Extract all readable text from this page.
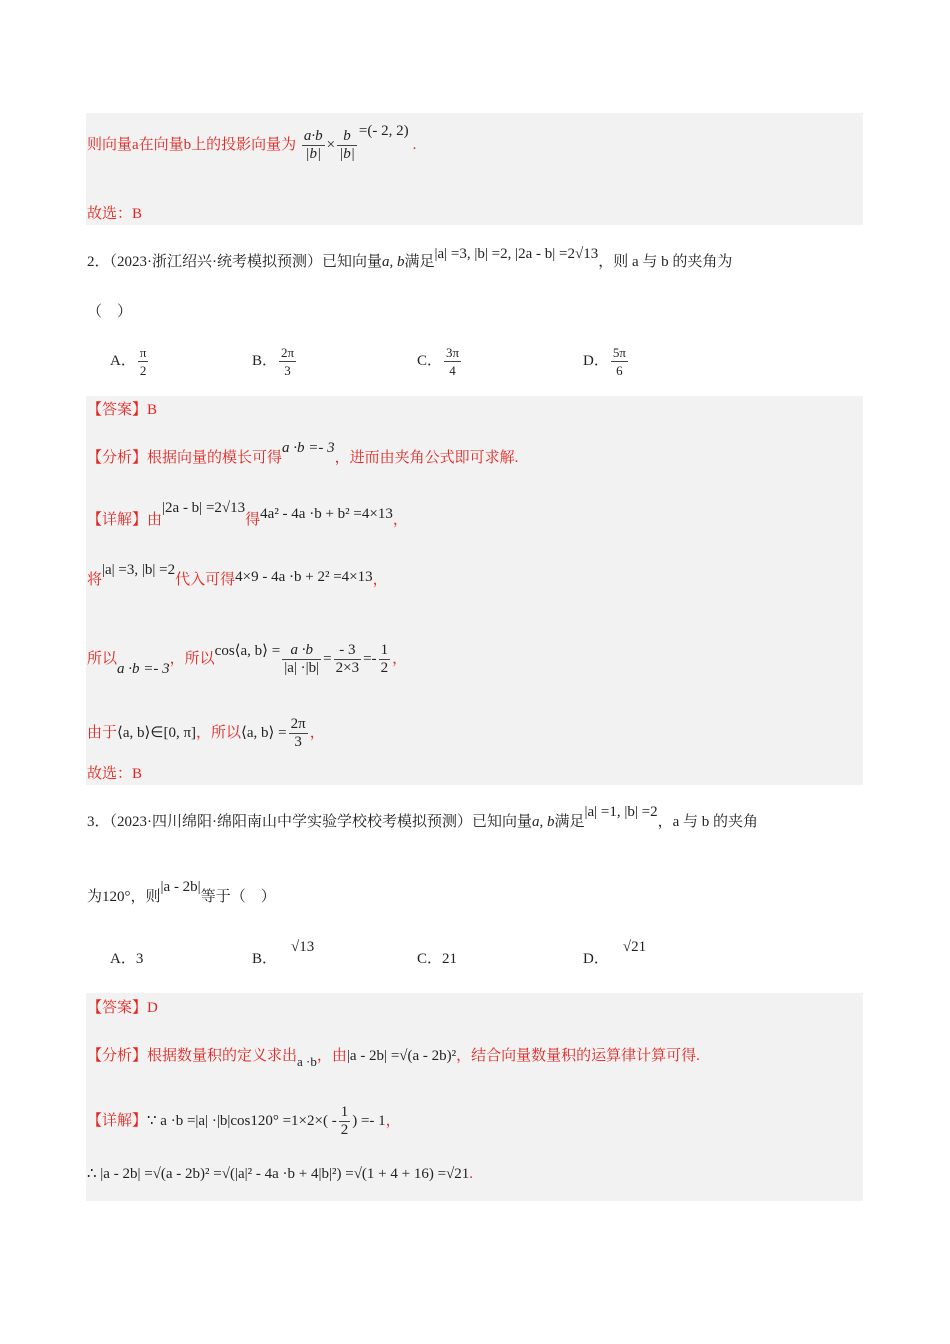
则向量a在向量b上的投影向量为 $\frac{a\cdot b}{|b|} \times \frac{b}{|b|}$ =(- 2, 2).
故选：B
2．（2023·浙江绍兴·统考模拟预测）已知向量a, b满足|a| =3, |b| =2, |2a - b| =2√13，则 a 与 b 的夹角为
（　）
A． $\frac{\pi}{2}$	B． $\frac{2\pi}{3}$	C． $\frac{3\pi}{4}$	D． $\frac{5\pi}{6}$
【答案】B
【分析】根据向量的模长可得a ·b =- 3，进而由夹角公式即可求解.
【详解】由|2a - b| =2√13得4a² - 4a ·b + b² =4×13，
将|a| =3, |b| =2代入可得4×9 - 4a ·b + 2² =4×13，
所以a ·b =- 3，所以cos⟨a, b⟩ = $\frac{a \cdot b}{|a| \cdot|b|} = \frac{- 3}{2\times 3} =- \frac{1}{2}$ ，
由于⟨a, b⟩∈[0, π]，所以⟨a, b⟩ = $\frac{2\pi}{3}$ ，
故选：B
3．（2023·四川绵阳·绵阳南山中学实验学校校考模拟预测）已知向量a, b满足|a| =1, |b| =2，a 与 b 的夹角
为120°，则|a - 2b|等于（　）
A．3	B．√13
C．21	D．√21
【答案】D
【分析】根据数量积的定义求出a ·b，由|a - 2b| =√(a - 2b)²，结合向量数量积的运算律计算可得.
【详解】∵ $a \cdot b =|a| \cdot|b|\cos 120^\circ =1\times 2\times( - \frac{1}{2}$ ) =- 1，
∴ |a - 2b| =√(a - 2b)² =√(|a|² - 4a ·b + 4|b|²) =√(1 + 4 + 16) =√21.
